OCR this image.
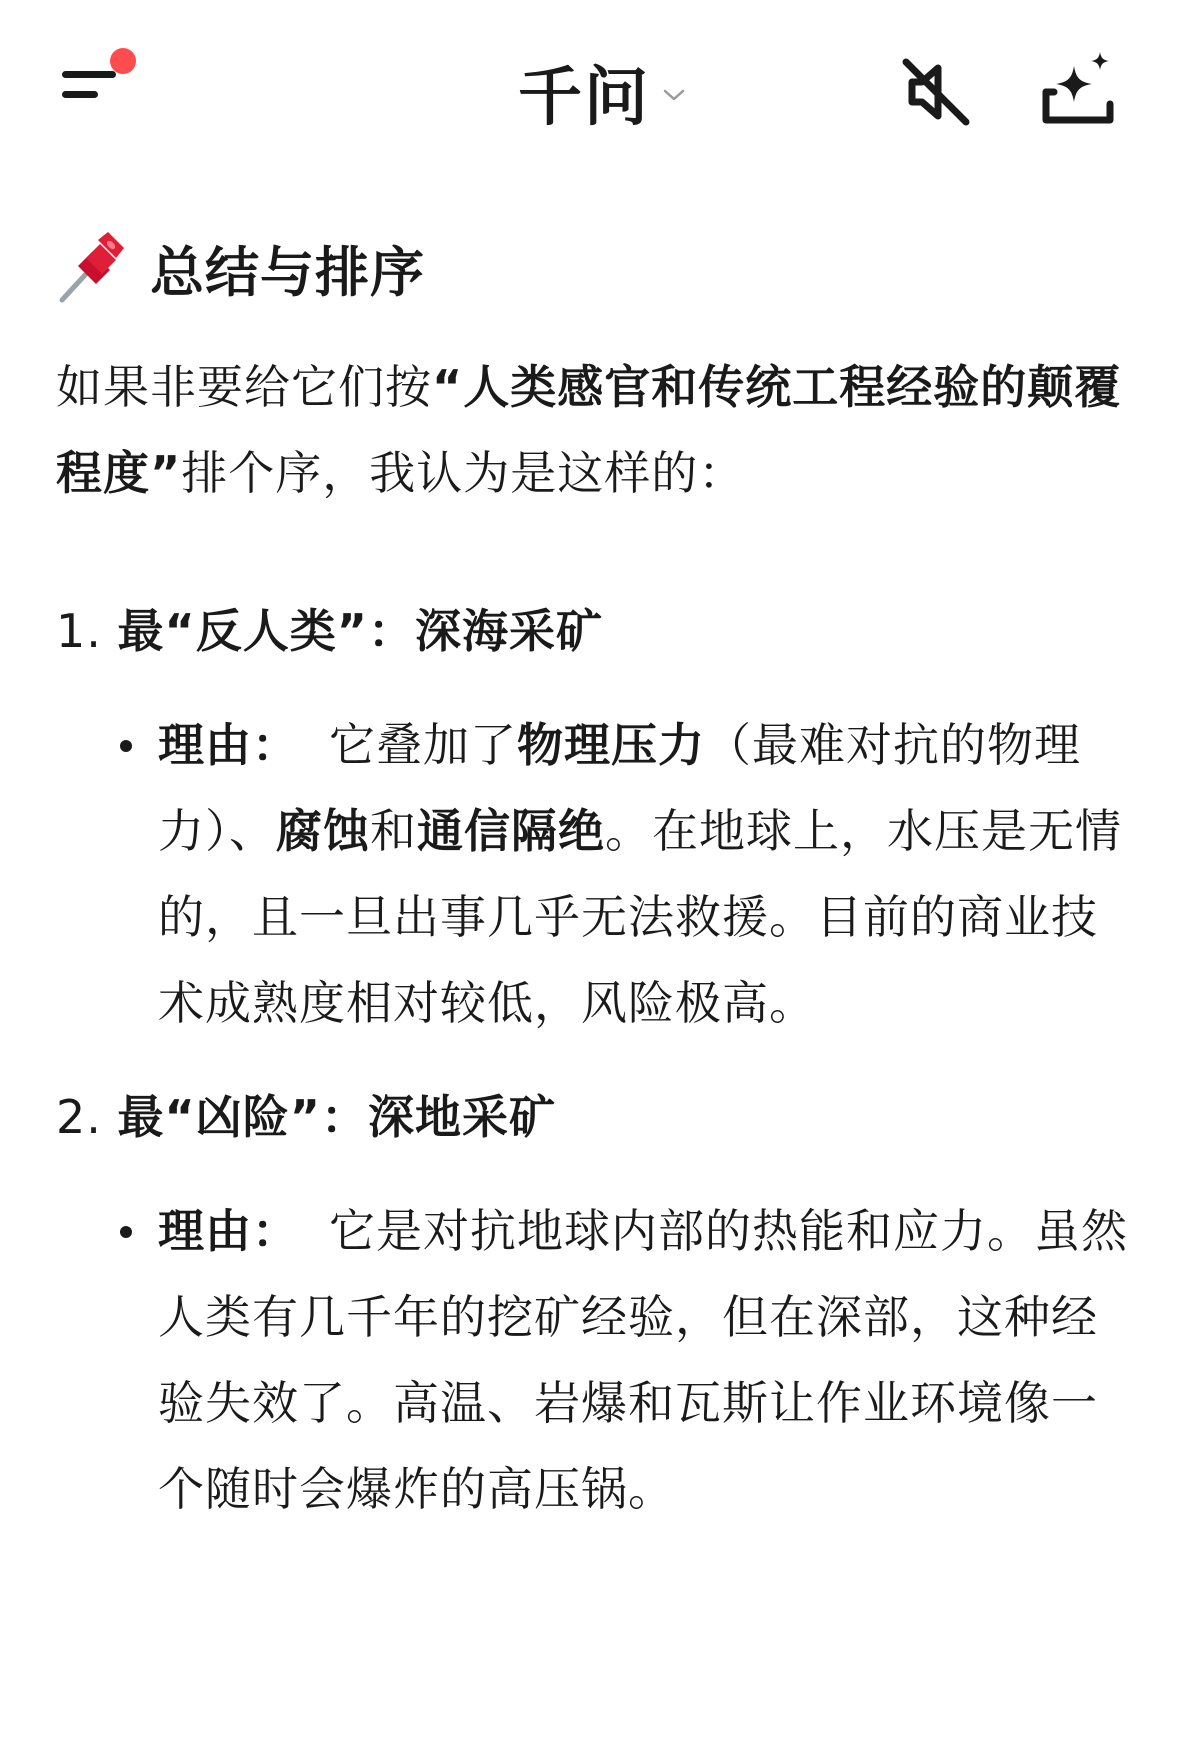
千问
总结与排序

如果非要给它们按“人类感官和传统工程经验的颠覆程度”排个序，我认为是这样的：

1. 最“反人类”：深海采矿
理由： 它叠加了物理压力（最难对抗的物理力）、腐蚀和通信隔绝。在地球上，水压是无情的，且一旦出事几乎无法救援。目前的商业技术成熟度相对较低，风险极高。
2. 最“凶险”：深地采矿
理由： 它是对抗地球内部的热能和应力。虽然人类有几千年的挖矿经验，但在深部，这种经验失效了。高温、岩爆和瓦斯让作业环境像一个随时会爆炸的高压锅。
